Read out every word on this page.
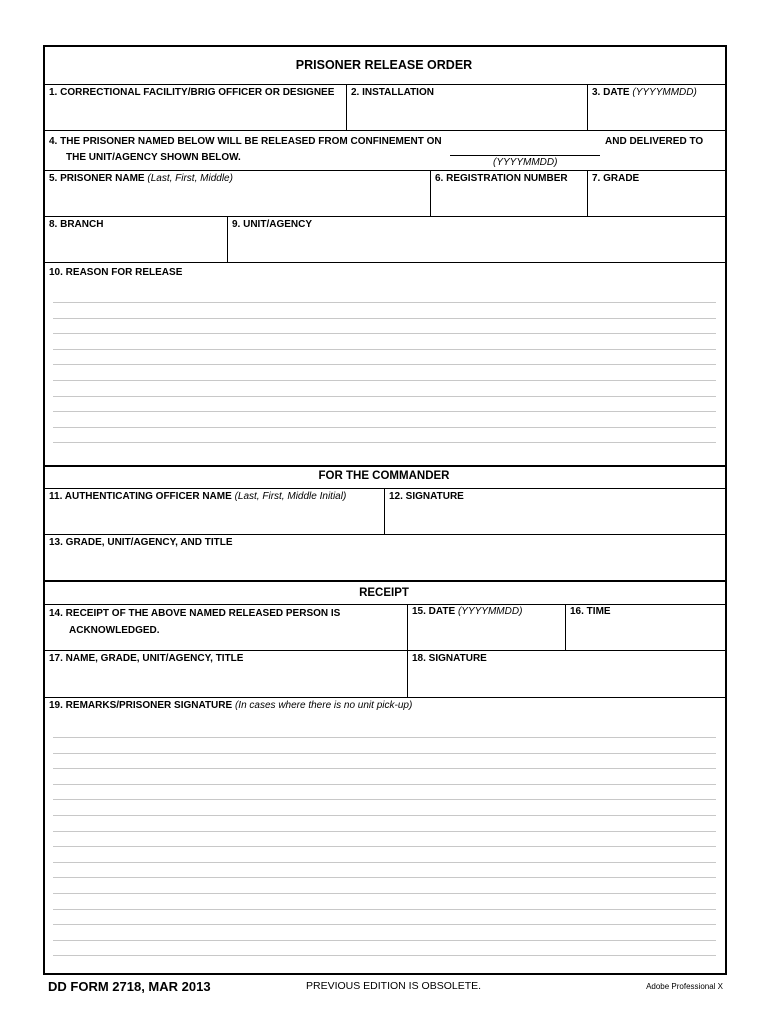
PRISONER RELEASE ORDER
1. CORRECTIONAL FACILITY/BRIG OFFICER OR DESIGNEE 2. INSTALLATION	3. DATE (YYYYMMDD)
4. THE PRISONER NAMED BELOW WILL BE RELEASED FROM CONFINEMENT ON
THE UNIT/AGENCY SHOWN BELOW.
AND DELIVERED TO
(YYYYMMDD)
5. PRISONER NAME (Last, First, Middle)	6. REGISTRATION NUMBER 7. GRADE
8. BRANCH	9. UNIT/AGENCY
10. REASON FOR RELEASE
FOR THE COMMANDER
11. AUTHENTICATING OFFICER NAME (Last, First, Middle Initial)	12. SIGNATURE
13. GRADE, UNIT/AGENCY, AND TITLE
RECEIPT
14. RECEIPT OF THE ABOVE NAMED RELEASED PERSON IS
ACKNOWLEDGED.
15. DATE (YYYYMMDD)	16. TIME
17. NAME, GRADE, UNIT/AGENCY, TITLE	18. SIGNATURE
19. REMARKS/PRISONER SIGNATURE (In cases where there is no unit pick-up)
DD FORM 2718, MAR 2013	PREVIOUS EDITION IS OBSOLETE.	Adobe Professional X
